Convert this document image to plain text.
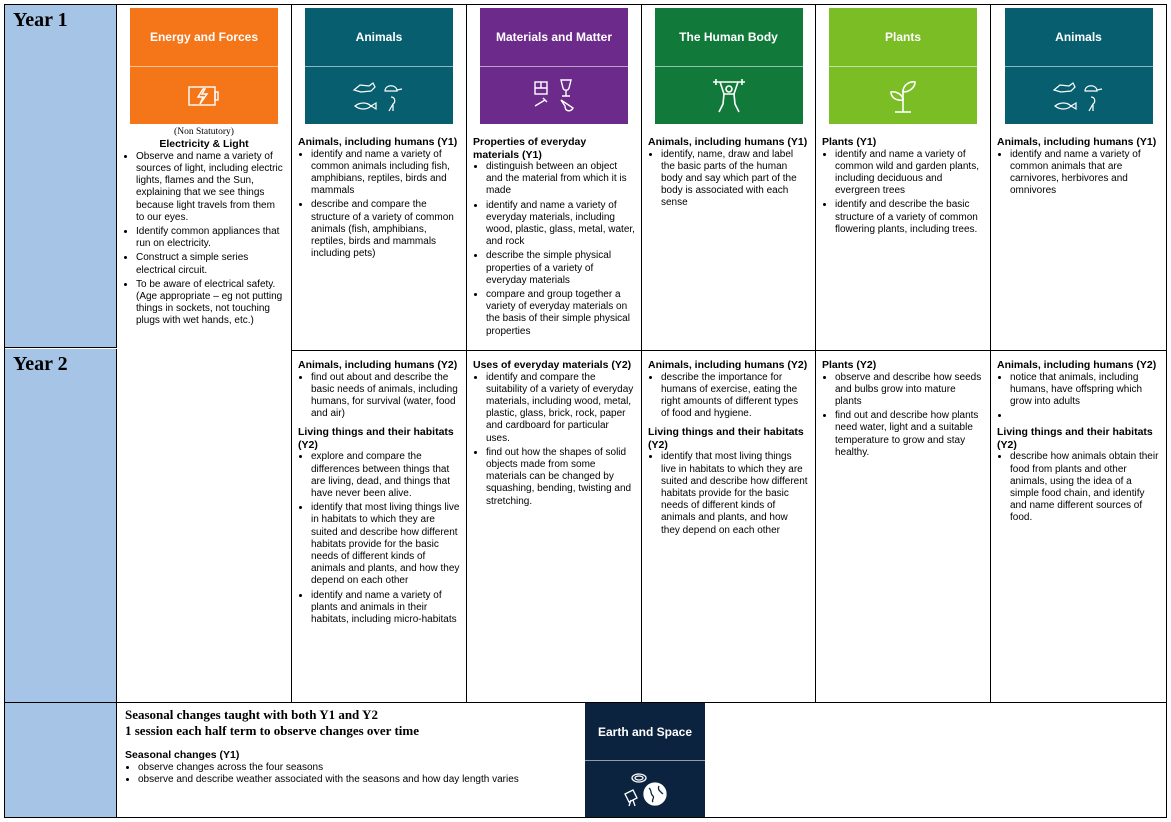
Year 1
Year 2
Energy and Forces
(Non Statutory)
Electricity & Light
• Observe and name a variety of sources of light, including electric lights, flames and the Sun, explaining that we see things because light travels from them to our eyes.
• Identify common appliances that run on electricity.
• Construct a simple series electrical circuit.
• To be aware of electrical safety. (Age appropriate – eg not putting things in sockets, not touching plugs with wet hands, etc.)
Animals
Animals, including humans (Y1)
• identify and name a variety of common animals including fish, amphibians, reptiles, birds and mammals
• describe and compare the structure of a variety of common animals (fish, amphibians, reptiles, birds and mammals including pets)
Animals, including humans (Y2)
• find out about and describe the basic needs of animals, including humans, for survival (water, food and air)
Living things and their habitats (Y2)
• explore and compare the differences between things that are living, dead, and things that have never been alive.
• identify that most living things live in habitats to which they are suited and describe how different habitats provide for the basic needs of different kinds of animals and plants, and how they depend on each other
• identify and name a variety of plants and animals in their habitats, including micro-habitats
Materials and Matter
Properties of everyday materials (Y1)
• distinguish between an object and the material from which it is made
• identify and name a variety of everyday materials, including wood, plastic, glass, metal, water, and rock
• describe the simple physical properties of a variety of everyday materials
• compare and group together a variety of everyday materials on the basis of their simple physical properties
Uses of everyday materials (Y2)
• identify and compare the suitability of a variety of everyday materials, including wood, metal, plastic, glass, brick, rock, paper and cardboard for particular uses.
• find out how the shapes of solid objects made from some materials can be changed by squashing, bending, twisting and stretching.
The Human Body
Animals, including humans (Y1)
• identify, name, draw and label the basic parts of the human body and say which part of the body is associated with each sense
Animals, including humans (Y2)
• describe the importance for humans of exercise, eating the right amounts of different types of food and hygiene.
Living things and their habitats (Y2)
• identify that most living things live in habitats to which they are suited and describe how different habitats provide for the basic needs of different kinds of animals and plants, and how they depend on each other
Plants
Plants (Y1)
• identify and name a variety of common wild and garden plants, including deciduous and evergreen trees
• identify and describe the basic structure of a variety of common flowering plants, including trees.
Plants (Y2)
• observe and describe how seeds and bulbs grow into mature plants
• find out and describe how plants need water, light and a suitable temperature to grow and stay healthy.
Animals
Animals, including humans (Y1)
• identify and name a variety of common animals that are carnivores, herbivores and omnivores
Animals, including humans (Y2)
• notice that animals, including humans, have offspring which grow into adults
•
Living things and their habitats (Y2)
• describe how animals obtain their food from plants and other animals, using the idea of a simple food chain, and identify and name different sources of food.
Seasonal changes taught with both Y1 and Y2
1 session each half term to observe changes over time
Seasonal changes (Y1)
• observe changes across the four seasons
• observe and describe weather associated with the seasons and how day length varies
Earth and Space
